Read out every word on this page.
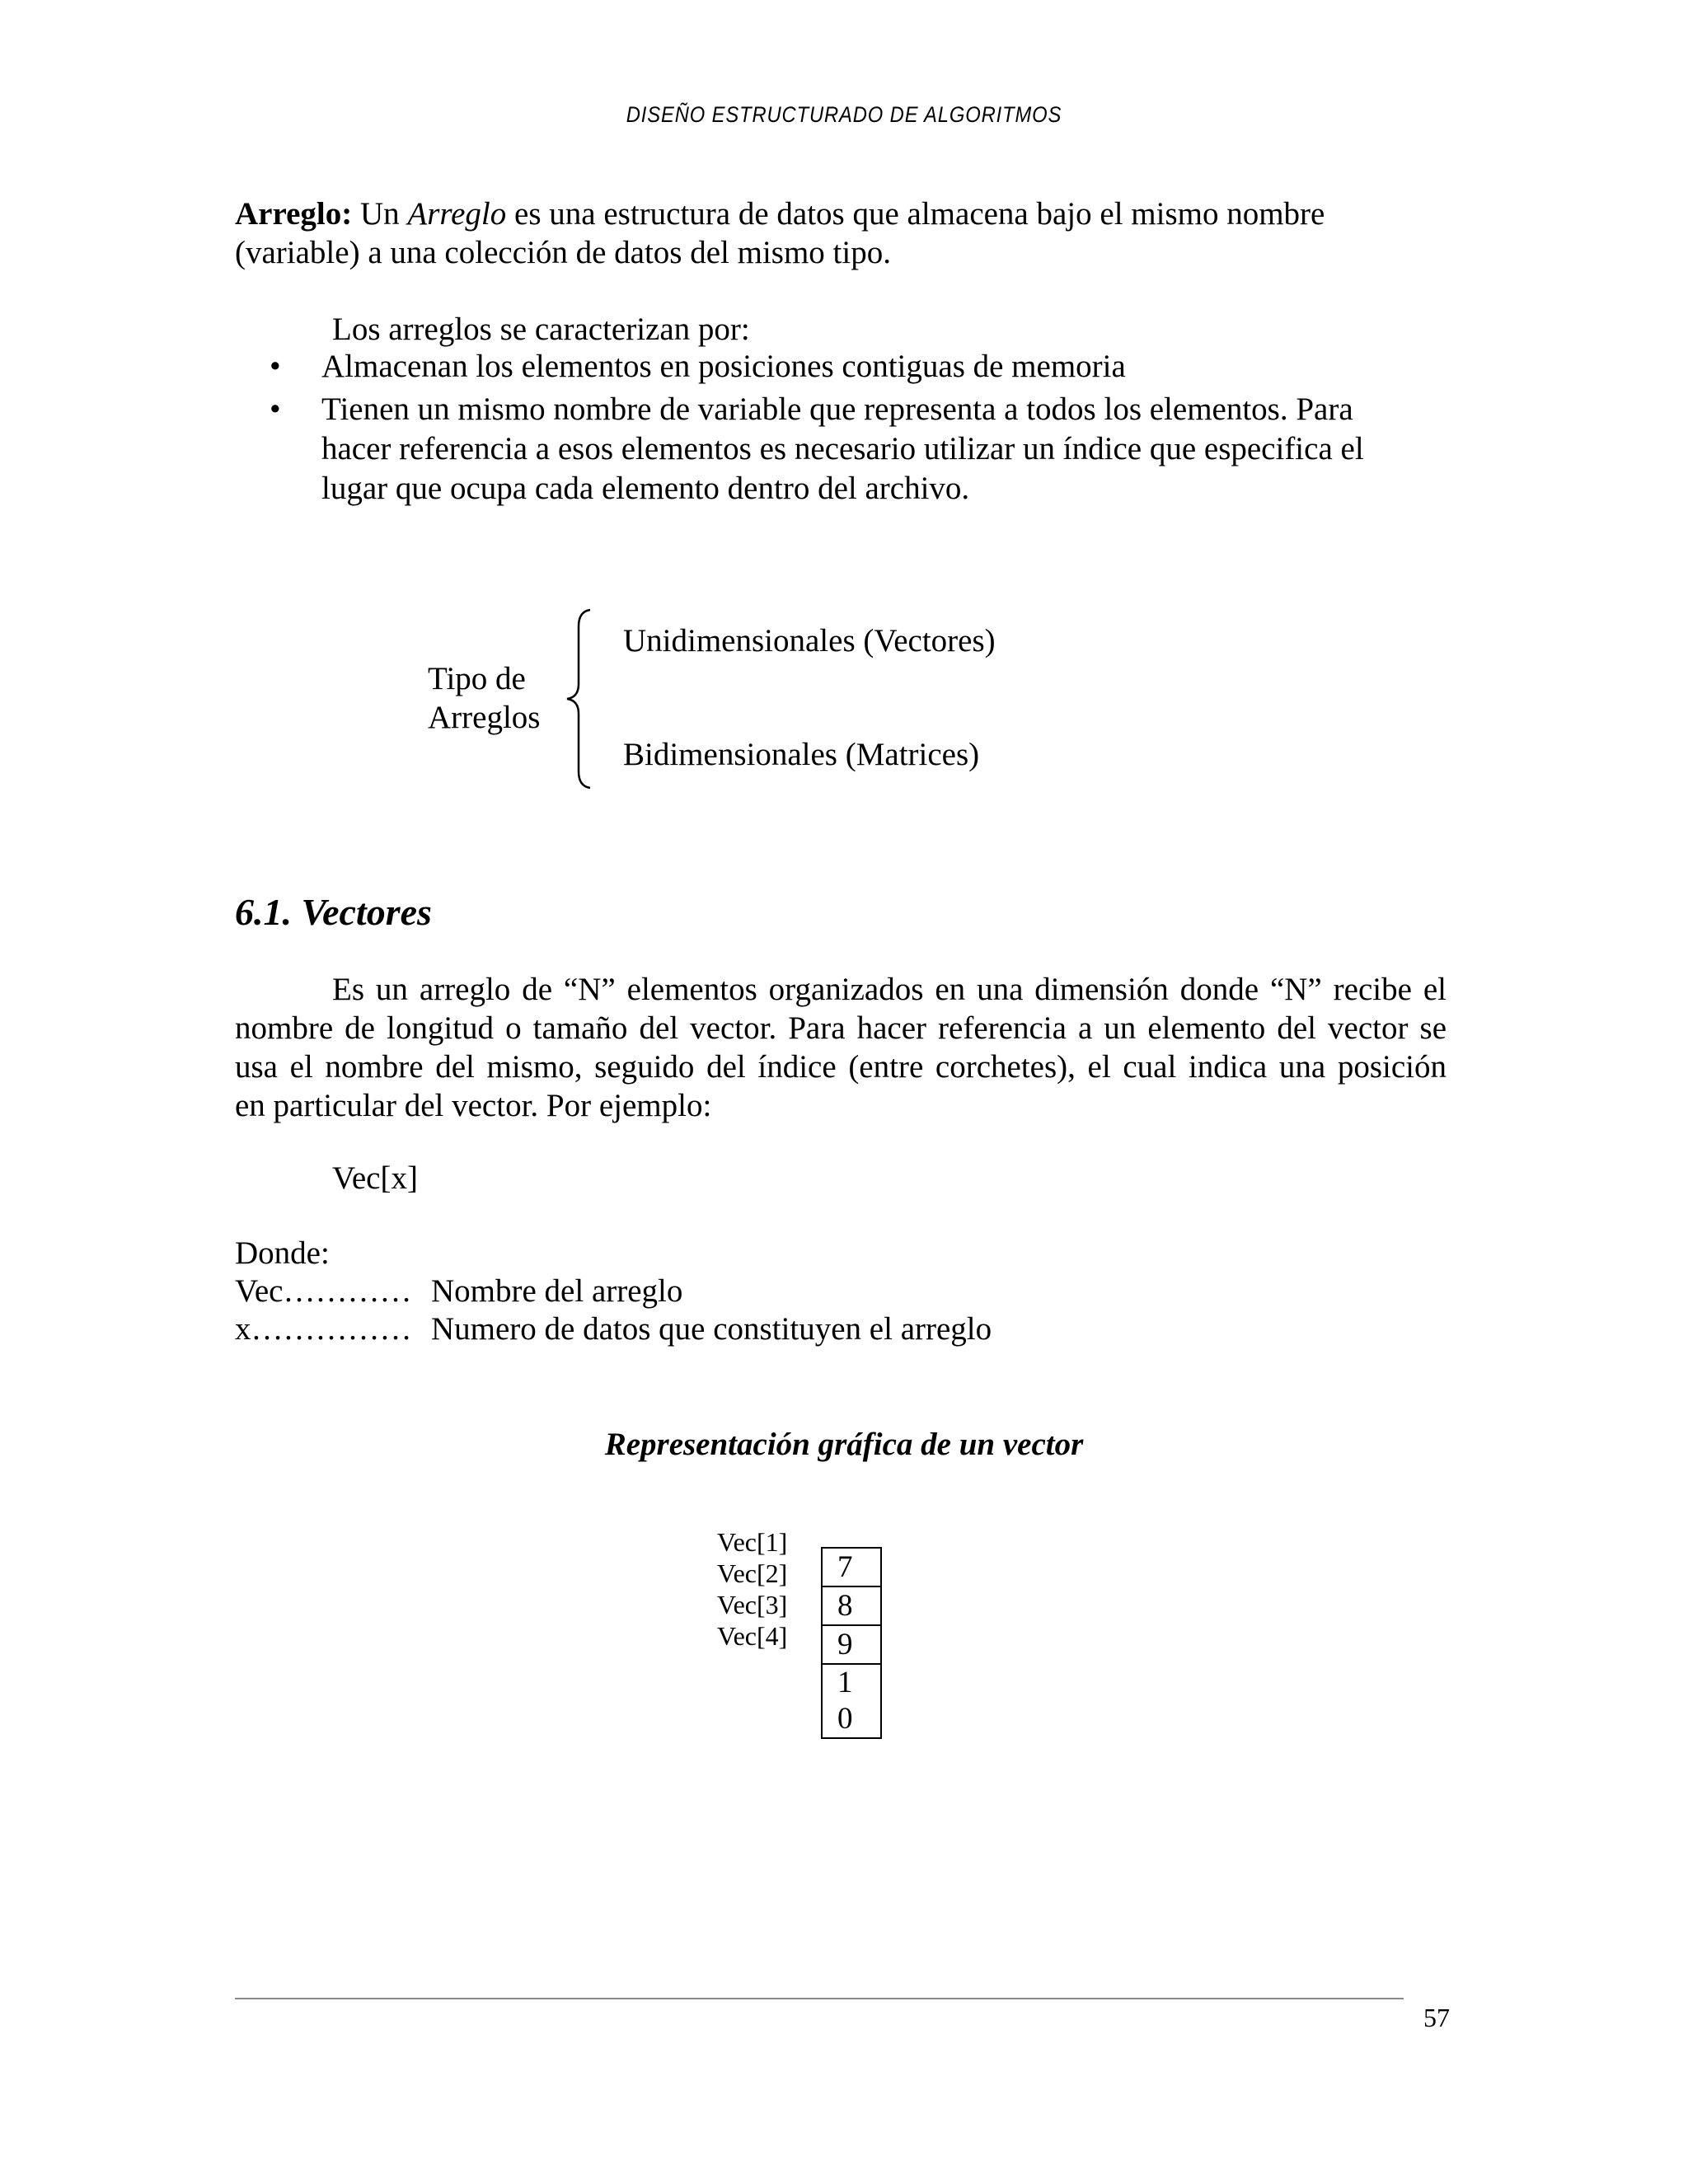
DISEÑO ESTRUCTURADO DE ALGORITMOS

Arreglo: Un Arreglo es una estructura de datos que almacena bajo el mismo nombre
(variable) a una colección de datos del mismo tipo.

Los arreglos se caracterizan por:

• Almacenan los elementos en posiciones contiguas de memoria
• Tienen un mismo nombre de variable que representa a todos los elementos. Para
hacer referencia a esos elementos es necesario utilizar un índice que especifica el
lugar que ocupa cada elemento dentro del archivo.
Tipo de
Arreglos
Unidimensionales (Vectores)
Bidimensionales (Matrices)
6.1. Vectores

Es un arreglo de “N” elementos organizados en una dimensión donde “N” recibe el
nombre de longitud o tamaño del vector. Para hacer referencia a un elemento del vector se
usa el nombre del mismo, seguido del índice (entre corchetes), el cual indica una posición
en particular del vector. Por ejemplo:

Vec[x]

Donde:
Vec………… Nombre del arreglo
x…………… Numero de datos que constituyen el arreglo
Representación gráfica de un vector
Vec[1]
Vec[2]
Vec[3]
Vec[4]
7
8
9
1
0
57
